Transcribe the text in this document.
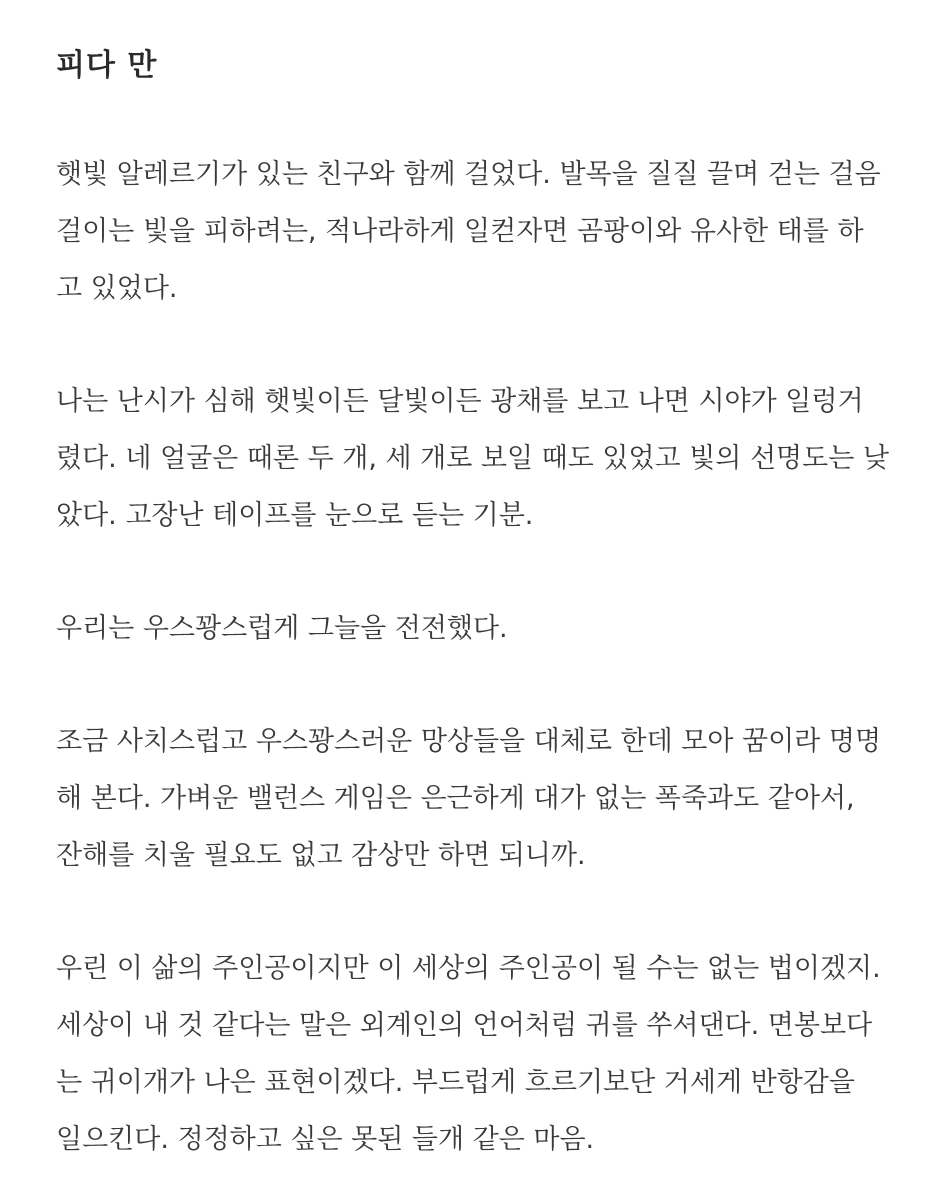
피다 만
햇빛 알레르기가 있는 친구와 함께 걸었다. 발목을 질질 끌며 걷는 걸음
걸이는 빛을 피하려는, 적나라하게 일컫자면 곰팡이와 유사한 태를 하
고 있었다.
나는 난시가 심해 햇빛이든 달빛이든 광채를 보고 나면 시야가 일렁거
렸다. 네 얼굴은 때론 두 개, 세 개로 보일 때도 있었고 빛의 선명도는 낮
았다. 고장난 테이프를 눈으로 듣는 기분.
우리는 우스꽝스럽게 그늘을 전전했다.
조금 사치스럽고 우스꽝스러운 망상들을 대체로 한데 모아 꿈이라 명명
해 본다. 가벼운 밸런스 게임은 은근하게 대가 없는 폭죽과도 같아서,
잔해를 치울 필요도 없고 감상만 하면 되니까.
우린 이 삶의 주인공이지만 이 세상의 주인공이 될 수는 없는 법이겠지.
세상이 내 것 같다는 말은 외계인의 언어처럼 귀를 쑤셔댄다. 면봉보다
는 귀이개가 나은 표현이겠다. 부드럽게 흐르기보단 거세게 반항감을
일으킨다. 정정하고 싶은 못된 들개 같은 마음.
